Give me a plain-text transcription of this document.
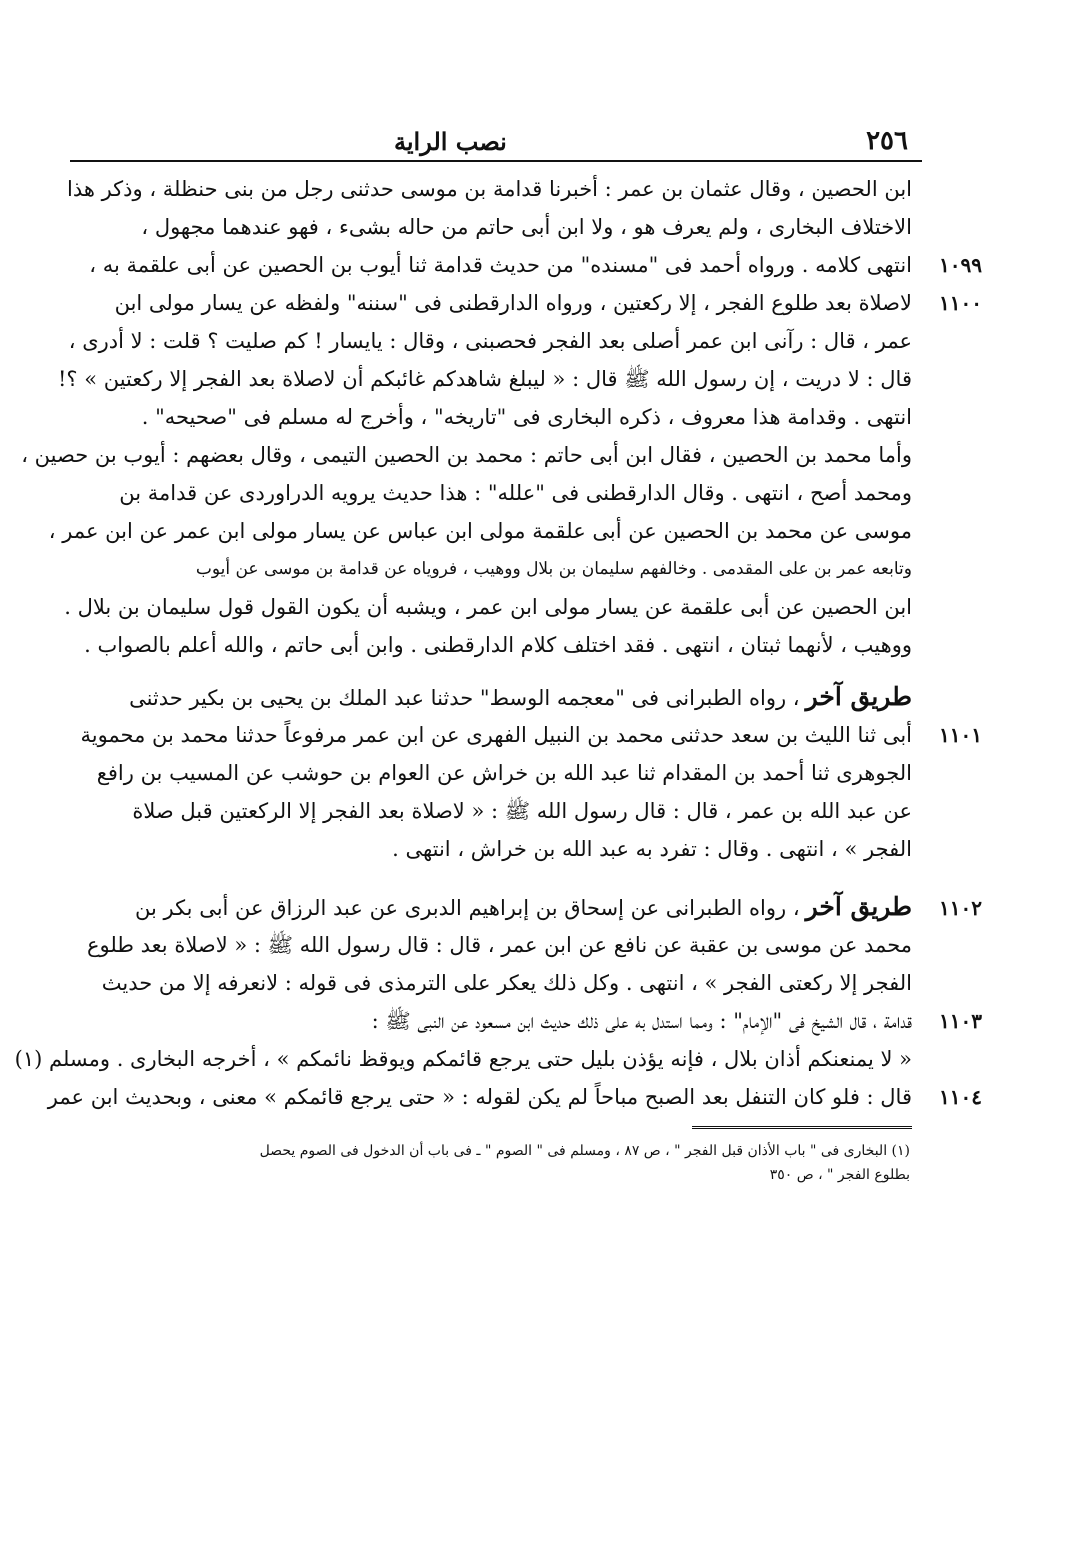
٢٥٦
نصب الراية
ابن الحصين ، وقال عثمان بن عمر : أخبرنا قدامة بن موسى حدثنى رجل من بنى حنظلة ، وذكر هذا
الاختلاف البخارى ، ولم يعرف هو ، ولا ابن أبى حاتم من حاله بشىء ، فهو عندهما مجهول ،
١٠٩٩
انتهى كلامه . ورواه أحمد فى "مسنده" من حديث قدامة ثنا أيوب بن الحصين عن أبى علقمة به ،
١١٠٠
لاصلاة بعد طلوع الفجر ، إلا ركعتين ، ورواه الدارقطنى فى "سننه" ولفظه عن يسار مولى ابن
عمر ، قال : رآنى ابن عمر أصلى بعد الفجر فحصبنى ، وقال : يايسار ! كم صليت ؟ قلت : لا أدرى ،
قال : لا دريت ، إن رسول الله ﷺ قال : « ليبلغ شاهدكم غائبكم أن لاصلاة بعد الفجر إلا ركعتين » ؟!
انتهى . وقدامة هذا معروف ، ذكره البخارى فى "تاريخه" ، وأخرج له مسلم فى "صحيحه" .
وأما محمد بن الحصين ، فقال ابن أبى حاتم : محمد بن الحصين التيمى ، وقال بعضهم : أيوب بن حصين ،
ومحمد أصح ، انتهى . وقال الدارقطنى فى "علله" : هذا حديث يرويه الدراوردى عن قدامة بن
موسى عن محمد بن الحصين عن أبى علقمة مولى ابن عباس عن يسار مولى ابن عمر عن ابن عمر ،
وتابعه عمر بن على المقدمى . وخالفهم سليمان بن بلال ووهيب ، فروياه عن قدامة بن موسى عن أيوب
ابن الحصين عن أبى علقمة عن يسار مولى ابن عمر ، ويشبه أن يكون القول قول سليمان بن بلال .
ووهيب ، لأنهما ثبتان ، انتهى . فقد اختلف كلام الدارقطنى . وابن أبى حاتم ، والله أعلم بالصواب .
طريق آخر، رواه الطبرانى فى "معجمه الوسط" حدثنا عبد الملك بن يحيى بن بكير حدثنى
١١٠١
أبى ثنا الليث بن سعد حدثنى محمد بن النبيل الفهرى عن ابن عمر مرفوعاً حدثنا محمد بن محموية
الجوهرى ثنا أحمد بن المقدام ثنا عبد الله بن خراش عن العوام بن حوشب عن المسيب بن رافع
عن عبد الله بن عمر ، قال : قال رسول الله ﷺ : « لاصلاة بعد الفجر إلا الركعتين قبل صلاة
الفجر » ، انتهى . وقال : تفرد به عبد الله بن خراش ، انتهى .
١١٠٢
طريق آخر، رواه الطبرانى عن إسحاق بن إبراهيم الدبرى عن عبد الرزاق عن أبى بكر بن
محمد عن موسى بن عقبة عن نافع عن ابن عمر ، قال : قال رسول الله ﷺ : « لاصلاة بعد طلوع
الفجر إلا ركعتى الفجر » ، انتهى . وكل ذلك يعكر على الترمذى فى قوله : لانعرفه إلا من حديث
١١٠٣
قدامة ، قال الشيخ فى "الإمام" : ومما استدل به على ذلك حديث ابن مسعود عن النبى ﷺ :
« لا يمنعنكم أذان بلال ، فإنه يؤذن بليل حتى يرجع قائمكم ويوقظ نائمكم » ، أخرجه البخارى . ومسلم (١)
١١٠٤
قال : فلو كان التنفل بعد الصبح مباحاً لم يكن لقوله : « حتى يرجع قائمكم » معنى ، وبحديث ابن عمر
(١) البخارى فى " باب الأذان قبل الفجر " ، ص ٨٧ ، ومسلم فى " الصوم " ـ فى باب أن الدخول فى الصوم يحصل
بطلوع الفجر " ، ص ٣٥٠
